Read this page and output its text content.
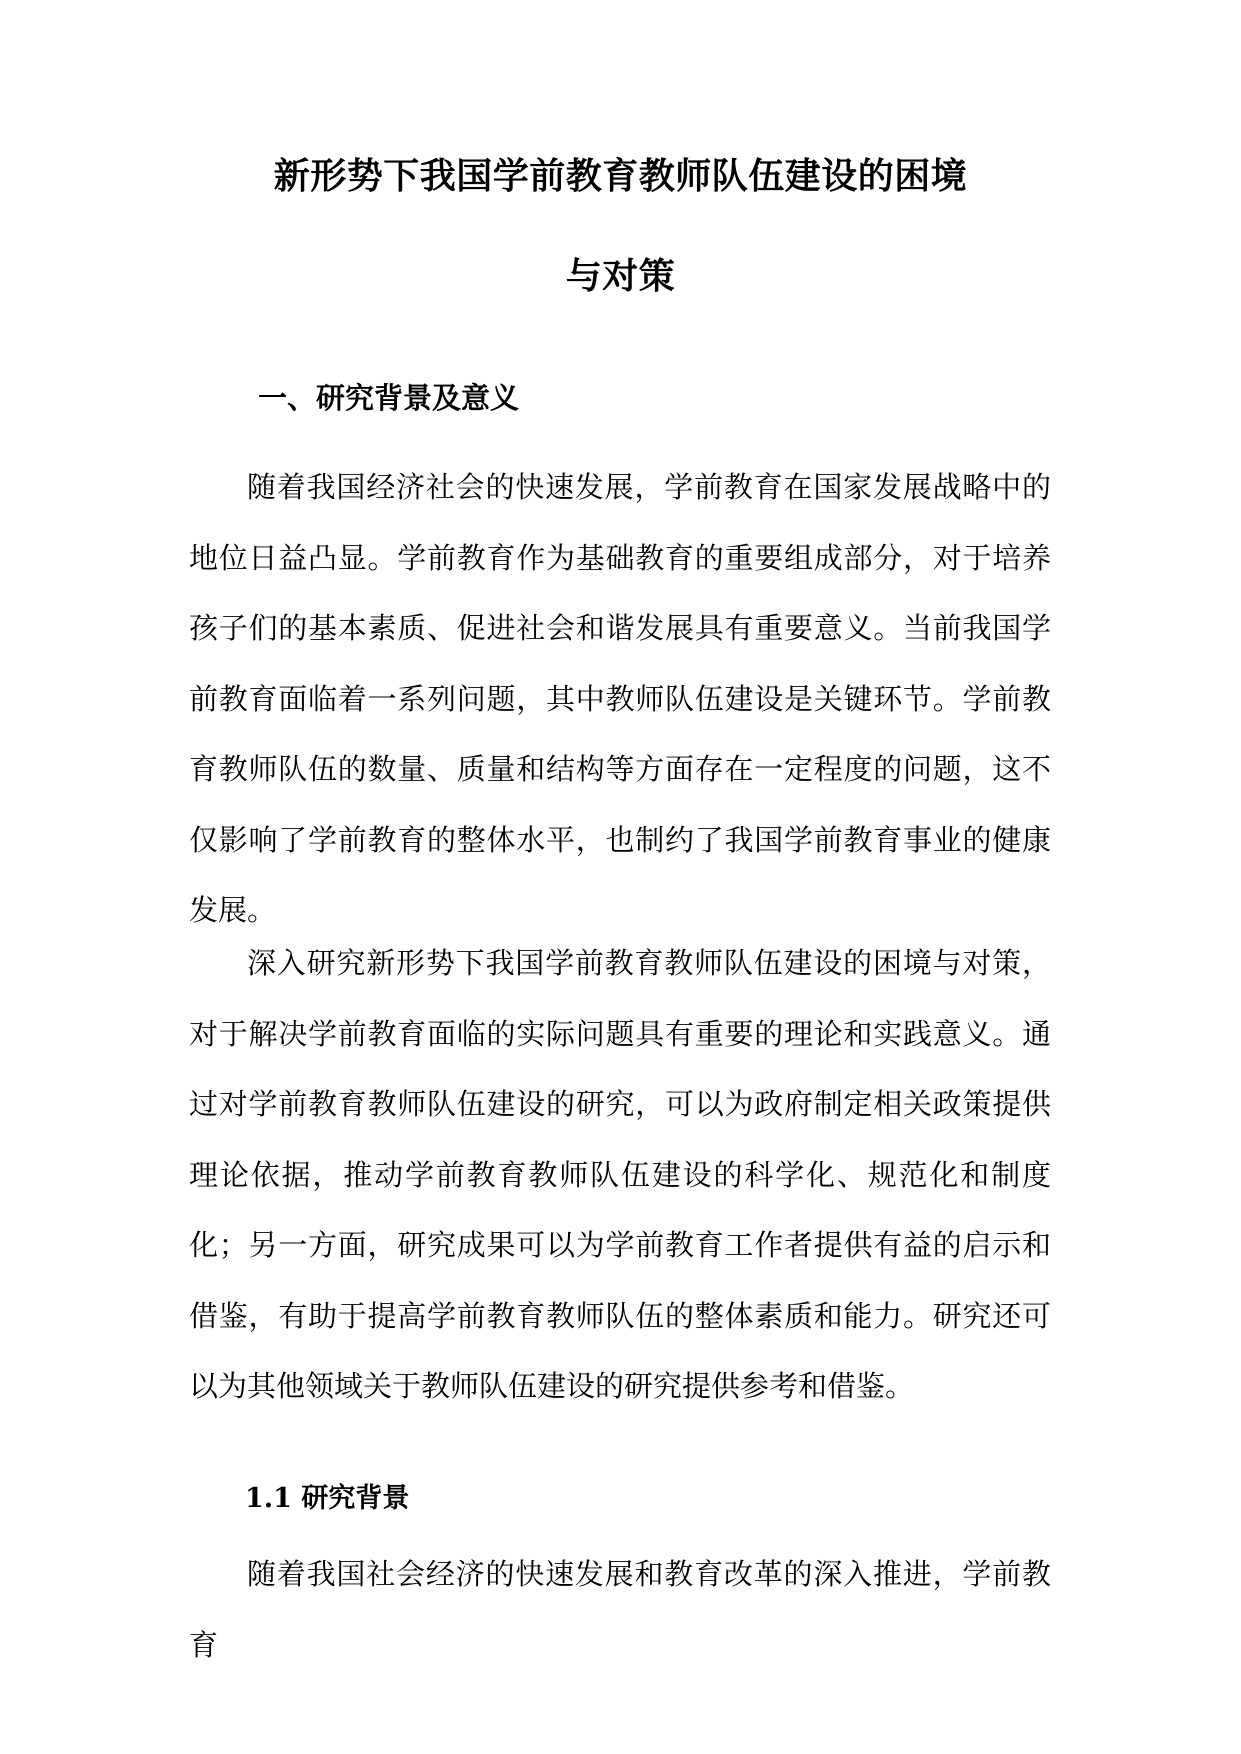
新形势下我国学前教育教师队伍建设的困境
与对策
一、研究背景及意义

随着我国经济社会的快速发展，学前教育在国家发展战略中的地位日益凸显。学前教育作为基础教育的重要组成部分，对于培养孩子们的基本素质、促进社会和谐发展具有重要意义。当前我国学前教育面临着一系列问题，其中教师队伍建设是关键环节。学前教育教师队伍的数量、质量和结构等方面存在一定程度的问题，这不仅影响了学前教育的整体水平，也制约了我国学前教育事业的健康发展。

深入研究新形势下我国学前教育教师队伍建设的困境与对策，对于解决学前教育面临的实际问题具有重要的理论和实践意义。通过对学前教育教师队伍建设的研究，可以为政府制定相关政策提供理论依据，推动学前教育教师队伍建设的科学化、规范化和制度化；另一方面，研究成果可以为学前教育工作者提供有益的启示和借鉴，有助于提高学前教育教师队伍的整体素质和能力。研究还可以为其他领域关于教师队伍建设的研究提供参考和借鉴。

1.1 研究背景

随着我国社会经济的快速发展和教育改革的深入推进，学前教育
